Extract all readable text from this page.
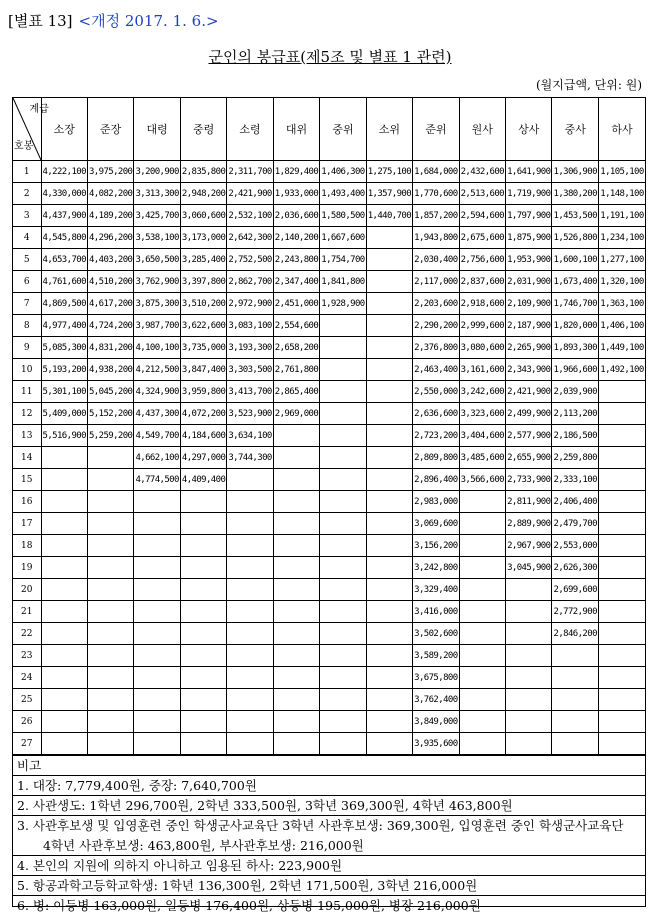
[별표 13] <개정 2017. 1. 6.>
군인의 봉급표(제5조 및 별표 1 관련)
(월지급액, 단위: 원)
계급
호봉	소장	준장	대령	중령	소령	대위	중위	소위	준위	원사	상사	중사	하사
1	4,222,100	3,975,200	3,200,900	2,835,800	2,311,700	1,829,400	1,406,300	1,275,100	1,684,000	2,432,600	1,641,900	1,306,900	1,105,100
2	4,330,000	4,082,200	3,313,300	2,948,200	2,421,900	1,933,000	1,493,400	1,357,900	1,770,600	2,513,600	1,719,900	1,380,200	1,148,100
3	4,437,900	4,189,200	3,425,700	3,060,600	2,532,100	2,036,600	1,580,500	1,440,700	1,857,200	2,594,600	1,797,900	1,453,500	1,191,100
4	4,545,800	4,296,200	3,538,100	3,173,000	2,642,300	2,140,200	1,667,600		1,943,800	2,675,600	1,875,900	1,526,800	1,234,100
5	4,653,700	4,403,200	3,650,500	3,285,400	2,752,500	2,243,800	1,754,700		2,030,400	2,756,600	1,953,900	1,600,100	1,277,100
6	4,761,600	4,510,200	3,762,900	3,397,800	2,862,700	2,347,400	1,841,800		2,117,000	2,837,600	2,031,900	1,673,400	1,320,100
7	4,869,500	4,617,200	3,875,300	3,510,200	2,972,900	2,451,000	1,928,900		2,203,600	2,918,600	2,109,900	1,746,700	1,363,100
8	4,977,400	4,724,200	3,987,700	3,622,600	3,083,100	2,554,600			2,290,200	2,999,600	2,187,900	1,820,000	1,406,100
9	5,085,300	4,831,200	4,100,100	3,735,000	3,193,300	2,658,200			2,376,800	3,080,600	2,265,900	1,893,300	1,449,100
10	5,193,200	4,938,200	4,212,500	3,847,400	3,303,500	2,761,800			2,463,400	3,161,600	2,343,900	1,966,600	1,492,100
11	5,301,100	5,045,200	4,324,900	3,959,800	3,413,700	2,865,400			2,550,000	3,242,600	2,421,900	2,039,900	
12	5,409,000	5,152,200	4,437,300	4,072,200	3,523,900	2,969,000			2,636,600	3,323,600	2,499,900	2,113,200	
13	5,516,900	5,259,200	4,549,700	4,184,600	3,634,100				2,723,200	3,404,600	2,577,900	2,186,500	
14			4,662,100	4,297,000	3,744,300				2,809,800	3,485,600	2,655,900	2,259,800	
15			4,774,500	4,409,400					2,896,400	3,566,600	2,733,900	2,333,100	
16									2,983,000		2,811,900	2,406,400	
17									3,069,600		2,889,900	2,479,700	
18									3,156,200		2,967,900	2,553,000	
19									3,242,800		3,045,900	2,626,300	
20									3,329,400			2,699,600	
21									3,416,000			2,772,900	
22									3,502,600			2,846,200	
23									3,589,200				
24									3,675,800				
25									3,762,400				
26									3,849,000				
27									3,935,600				
비고
1. 대장: 7,779,400원, 중장: 7,640,700원
2. 사관생도: 1학년 296,700원, 2학년 333,500원, 3학년 369,300원, 4학년 463,800원
3. 사관후보생 및 입영훈련 중인 학생군사교육단 3학년 사관후보생: 369,300원, 입영훈련 중인 학생군사교육단
4학년 사관후보생: 463,800원, 부사관후보생: 216,000원
4. 본인의 지원에 의하지 아니하고 임용된 하사: 223,900원
5. 항공과학고등학교학생: 1학년 136,300원, 2학년 171,500원, 3학년 216,000원
6. 병: 이등병 163,000원, 일등병 176,400원, 상등병 195,000원, 병장 216,000원
